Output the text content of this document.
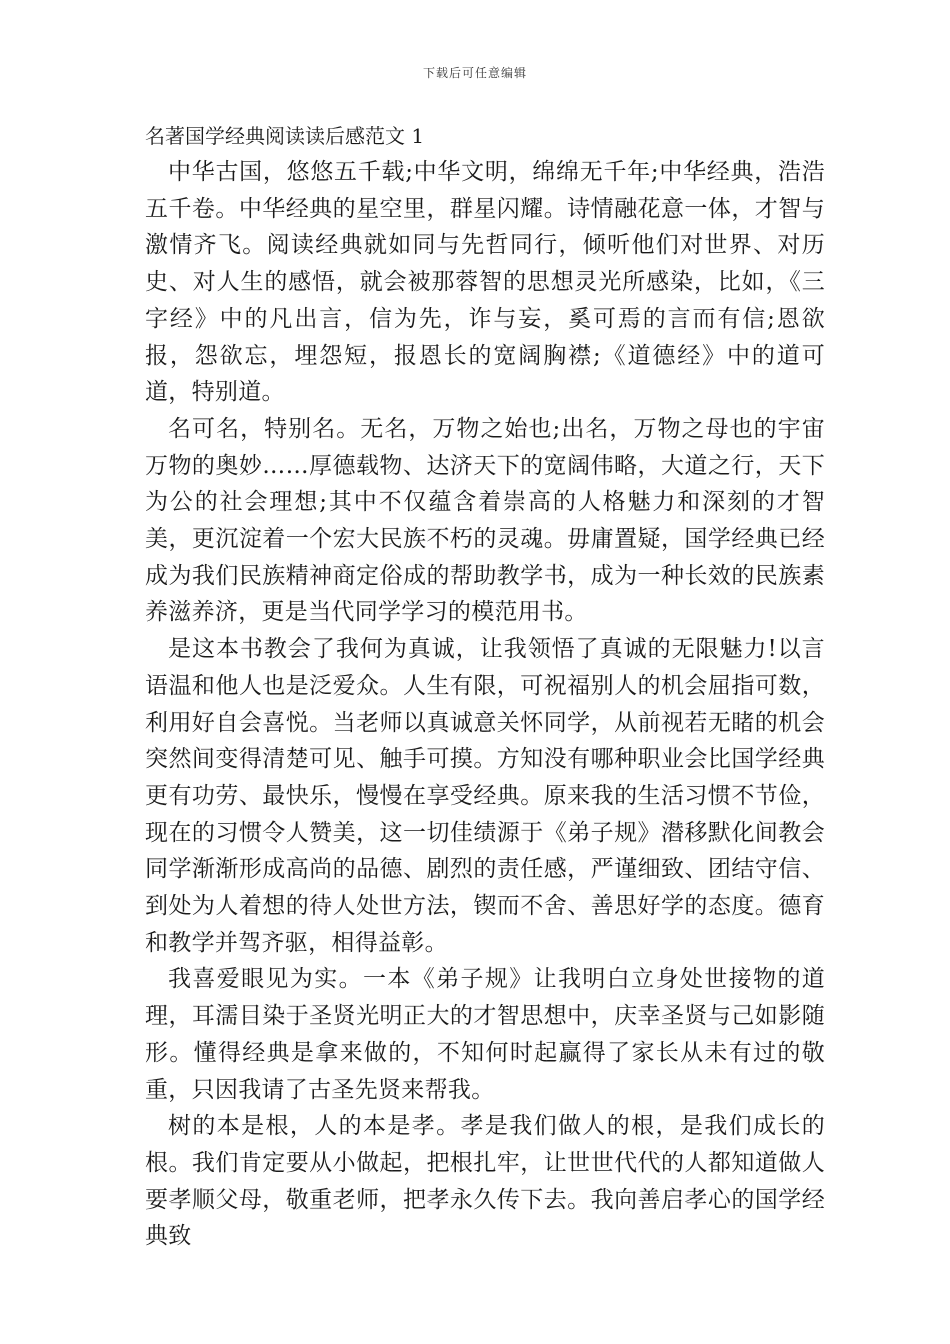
下载后可任意编辑
名著国学经典阅读读后感范文 1

中华古国，悠悠五千载;中华文明，绵绵无千年;中华经典，浩浩五千卷。中华经典的星空里，群星闪耀。诗情融花意一体，才智与激情齐飞。阅读经典就如同与先哲同行，倾听他们对世界、对历史、对人生的感悟，就会被那蓉智的思想灵光所感染，比如，《三字经》中的凡出言，信为先，诈与妄，奚可焉的言而有信;恩欲报，怨欲忘，埋怨短，报恩长的宽阔胸襟;《道德经》中的道可道，特别道。

名可名，特别名。无名，万物之始也;出名，万物之母也的宇宙万物的奥妙……厚德载物、达济天下的宽阔伟略，大道之行，天下为公的社会理想;其中不仅蕴含着崇高的人格魅力和深刻的才智美，更沉淀着一个宏大民族不朽的灵魂。毋庸置疑，国学经典已经成为我们民族精神商定俗成的帮助教学书，成为一种长效的民族素养滋养济，更是当代同学学习的模范用书。

是这本书教会了我何为真诚，让我领悟了真诚的无限魅力!以言语温和他人也是泛爱众。人生有限，可祝福别人的机会屈指可数，利用好自会喜悦。当老师以真诚意关怀同学，从前视若无睹的机会突然间变得清楚可见、触手可摸。方知没有哪种职业会比国学经典更有功劳、最快乐，慢慢在享受经典。原来我的生活习惯不节俭，现在的习惯令人赞美，这一切佳绩源于《弟子规》潜移默化间教会同学渐渐形成高尚的品德、剧烈的责任感，严谨细致、团结守信、到处为人着想的待人处世方法，锲而不舍、善思好学的态度。德育和教学并驾齐驱，相得益彰。

我喜爱眼见为实。一本《弟子规》让我明白立身处世接物的道理，耳濡目染于圣贤光明正大的才智思想中，庆幸圣贤与己如影随形。懂得经典是拿来做的，不知何时起赢得了家长从未有过的敬重，只因我请了古圣先贤来帮我。

树的本是根，人的本是孝。孝是我们做人的根，是我们成长的根。我们肯定要从小做起，把根扎牢，让世世代代的人都知道做人要孝顺父母，敬重老师，把孝永久传下去。我向善启孝心的国学经典致
